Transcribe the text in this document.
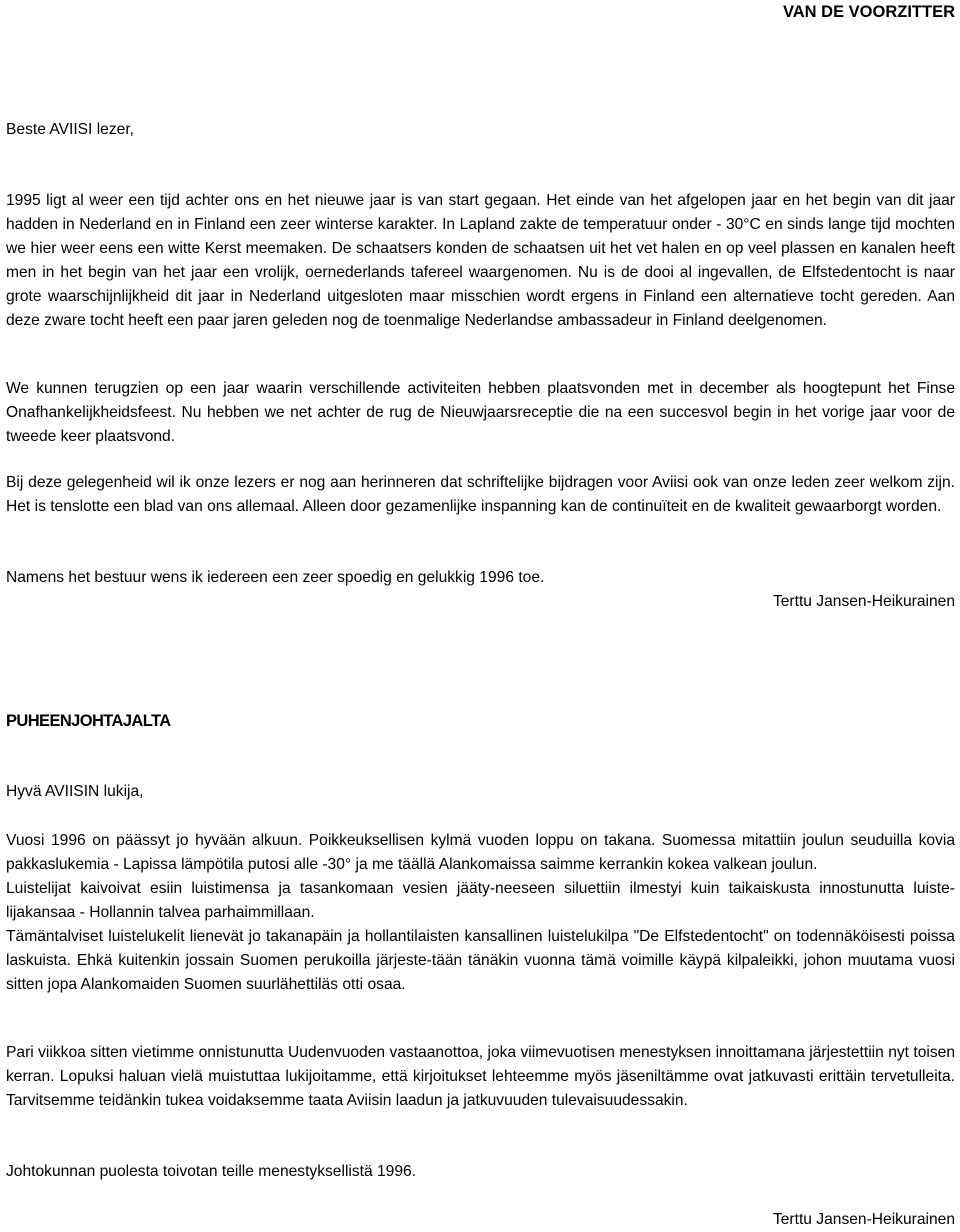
VAN DE VOORZITTER
Beste AVIISI lezer,

1995 ligt al weer een tijd achter ons en het nieuwe jaar is van start gegaan. Het einde van het afgelopen jaar en het begin van dit jaar hadden in Nederland en in Finland een zeer winterse karakter. In Lapland zakte de temperatuur onder - 30°C en sinds lange tijd mochten we hier weer eens een witte Kerst meemaken. De schaatsers konden de schaatsen uit het vet halen en op veel plassen en kanalen heeft men in het begin van het jaar een vrolijk, oernederlands tafereel waargenomen. Nu is de dooi al ingevallen, de Elfstedentocht is naar grote waarschijnlijkheid dit jaar in Nederland uitgesloten maar misschien wordt ergens in Finland een alternatieve tocht gereden. Aan deze zware tocht heeft een paar jaren geleden nog de toenmalige Nederlandse ambassadeur in Finland deelgenomen.

We kunnen terugzien op een jaar waarin verschillende activiteiten hebben plaatsvonden met in december als hoogtepunt het Finse Onafhankelijkheidsfeest. Nu hebben we net achter de rug de Nieuwjaarsreceptie die na een succesvol begin in het vorige jaar voor de tweede keer plaatsvond.

Bij deze gelegenheid wil ik onze lezers er nog aan herinneren dat schriftelijke bijdragen voor Aviisi ook van onze leden zeer welkom zijn. Het is tenslotte een blad van ons allemaal. Alleen door gezamenlijke inspanning kan de continuïteit en de kwaliteit gewaarborgt worden.

Namens het bestuur wens ik iedereen een zeer spoedig en gelukkig 1996 toe.

Terttu Jansen-Heikurainen

PUHEENJOHTAJALTA
Hyvä AVIISIN lukija,

Vuosi 1996 on päässyt jo hyvään alkuun. Poikkeuksellisen kylmä vuoden loppu on takana. Suomessa mitattiin joulun seuduilla kovia pakkaslukemia - Lapissa lämpötila putosi alle -30° ja me täällä Alankomaissa saimme kerrankin kokea valkean joulun.

Luistelijat kaivoivat esiin luistimensa ja tasankomaan vesien jääty-neeseen siluettiin ilmestyi kuin taikaiskusta innostunutta luiste-lijakansaa - Hollannin talvea parhaimmillaan.

Tämäntalviset luistelukelit lienevät jo takanapäin ja hollantilaisten kansallinen luistelukilpa "De Elfstedentocht" on todennäköisesti poissa laskuista. Ehkä kuitenkin jossain Suomen perukoilla järjeste-tään tänäkin vuonna tämä voimille käypä kilpaleikki, johon muutama vuosi sitten jopa Alankomaiden Suomen suurlähettiläs otti osaa.

Pari viikkoa sitten vietimme onnistunutta Uudenvuoden vastaanottoa, joka viimevuotisen menestyksen innoittamana järjestettiin nyt toisen kerran. Lopuksi haluan vielä muistuttaa lukijoitamme, että kirjoitukset lehteemme myös jäseniltämme ovat jatkuvasti erittäin tervetulleita. Tarvitsemme teidänkin tukea voidaksemme taata Aviisin laadun ja jatkuvuuden tulevaisuudessakin.

Johtokunnan puolesta toivotan teille menestyksellistä 1996.

Terttu Jansen-Heikurainen
